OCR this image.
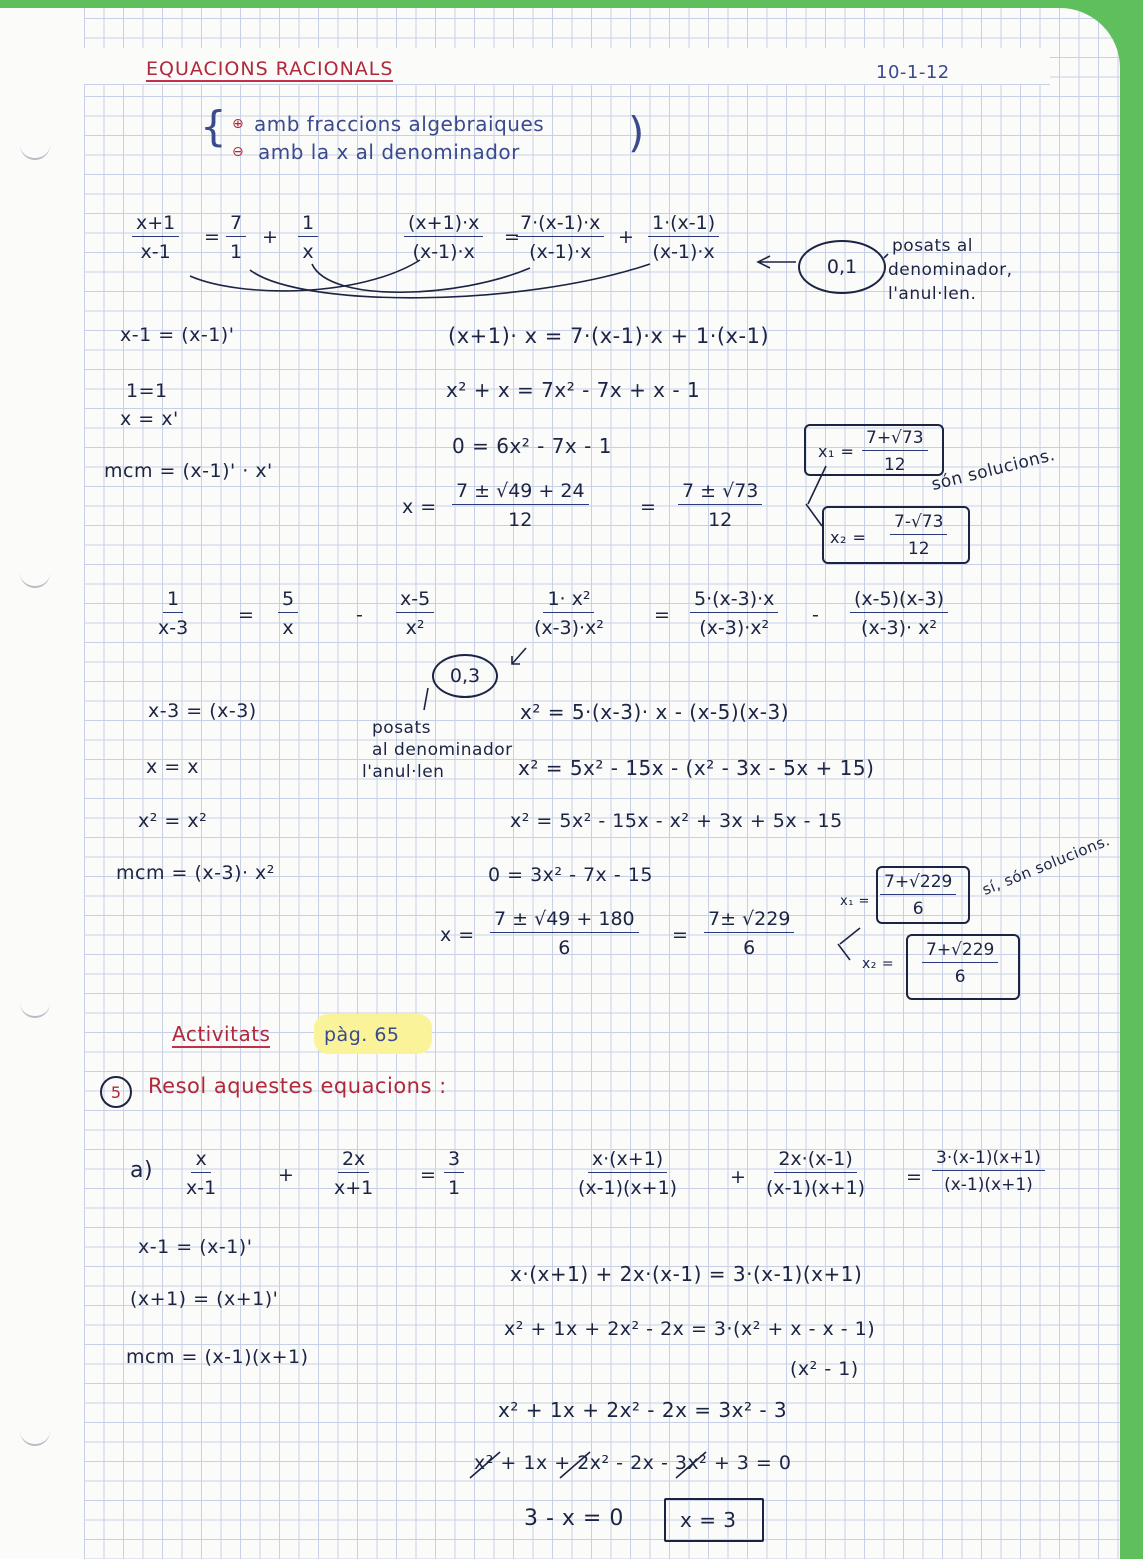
EQUACIONS RACIONALS	10-1-12
{ ⊕ amb fraccions algebraiques
⊖ amb la x al denominador	)
$\frac{x+1}{x-1} = \frac{7}{1} + \frac{1}{x}$	$\frac{(x+1)\cdot x}{(x-1)\cdot x}$ =
$\frac{7\cdot(x-1)\cdot x}{(x-1)\cdot x} + \frac{1\cdot(x-1)}{(x-1)\cdot x}$
0,1
posats al
denominador,
l'anul·len.
x-1 = (x-1)'
1=1
x = x'
mcm = (x-1)' · x'
(x+1)· x = 7·(x-1)·x + 1·(x-1)
x² + x = 7x² - 7x + x - 1
0 = 6x² - 7x - 1
$x = \frac{7 \pm √49 + 24}{12}$	= $\frac{7 \pm √73}{12}$
$x_1 = \frac{7+√73}{12}$
$x_2 = \frac{7-√73}{12}$
són solucions.
$\frac{1}{x-3}$	= $\frac{5}{x}$	- $\frac{x-5}{\text{x²}}$	$\frac{\text{1· x²}}{\text{(x-3)·x²}}$	= $\frac{5\cdot(x-3)\cdot x}{\text{(x-3)·x²}} - \frac{(x-5)(x-3)}{\text{(x-3)· x²}}$
0,3
posats
al denominador
l'anul·len
x-3 = (x-3)
x = x
x² = x²
mcm = (x-3)· x²
x² = 5·(x-3)· x - (x-5)(x-3)
x² = 5x² - 15x - (x² - 3x - 5x + 15)
x² = 5x² - 15x - x² + 3x + 5x - 15
0 = 3x² - 7x - 15
$x = \frac{7 \pm √49 + 180}{6} = \frac{7\pm √229}{6}$
$x_1 = \frac{7+√229}{6}$
$x_2 = \frac{7+√229}{6}$
sí, són solucions.
Activitats	pàg. 65
5	Resol aquestes equacions :
$a) \frac{x}{x-1}$	+ $\frac{2x}{x+1} = \frac{3}{1}$	$\frac{x\cdot(x+1)}{(x-1)(x+1)}$	+ $\frac{2x\cdot(x-1)}{(x-1)(x+1)} = \frac{3\cdot(x-1)(x+1)}{(x-1)(x+1)}$
x-1 = (x-1)'
(x+1) = (x+1)'
mcm = (x-1)(x+1)
x·(x+1) + 2x·(x-1) = 3·(x-1)(x+1)
x² + 1x + 2x² - 2x = 3·(x² + x - x - 1)
(x² - 1)
x² + 1x + 2x² - 2x = 3x² - 3
x² + 1x + 2x² - 2x - 3x² + 3 = 0
3 - x = 0	x = 3
